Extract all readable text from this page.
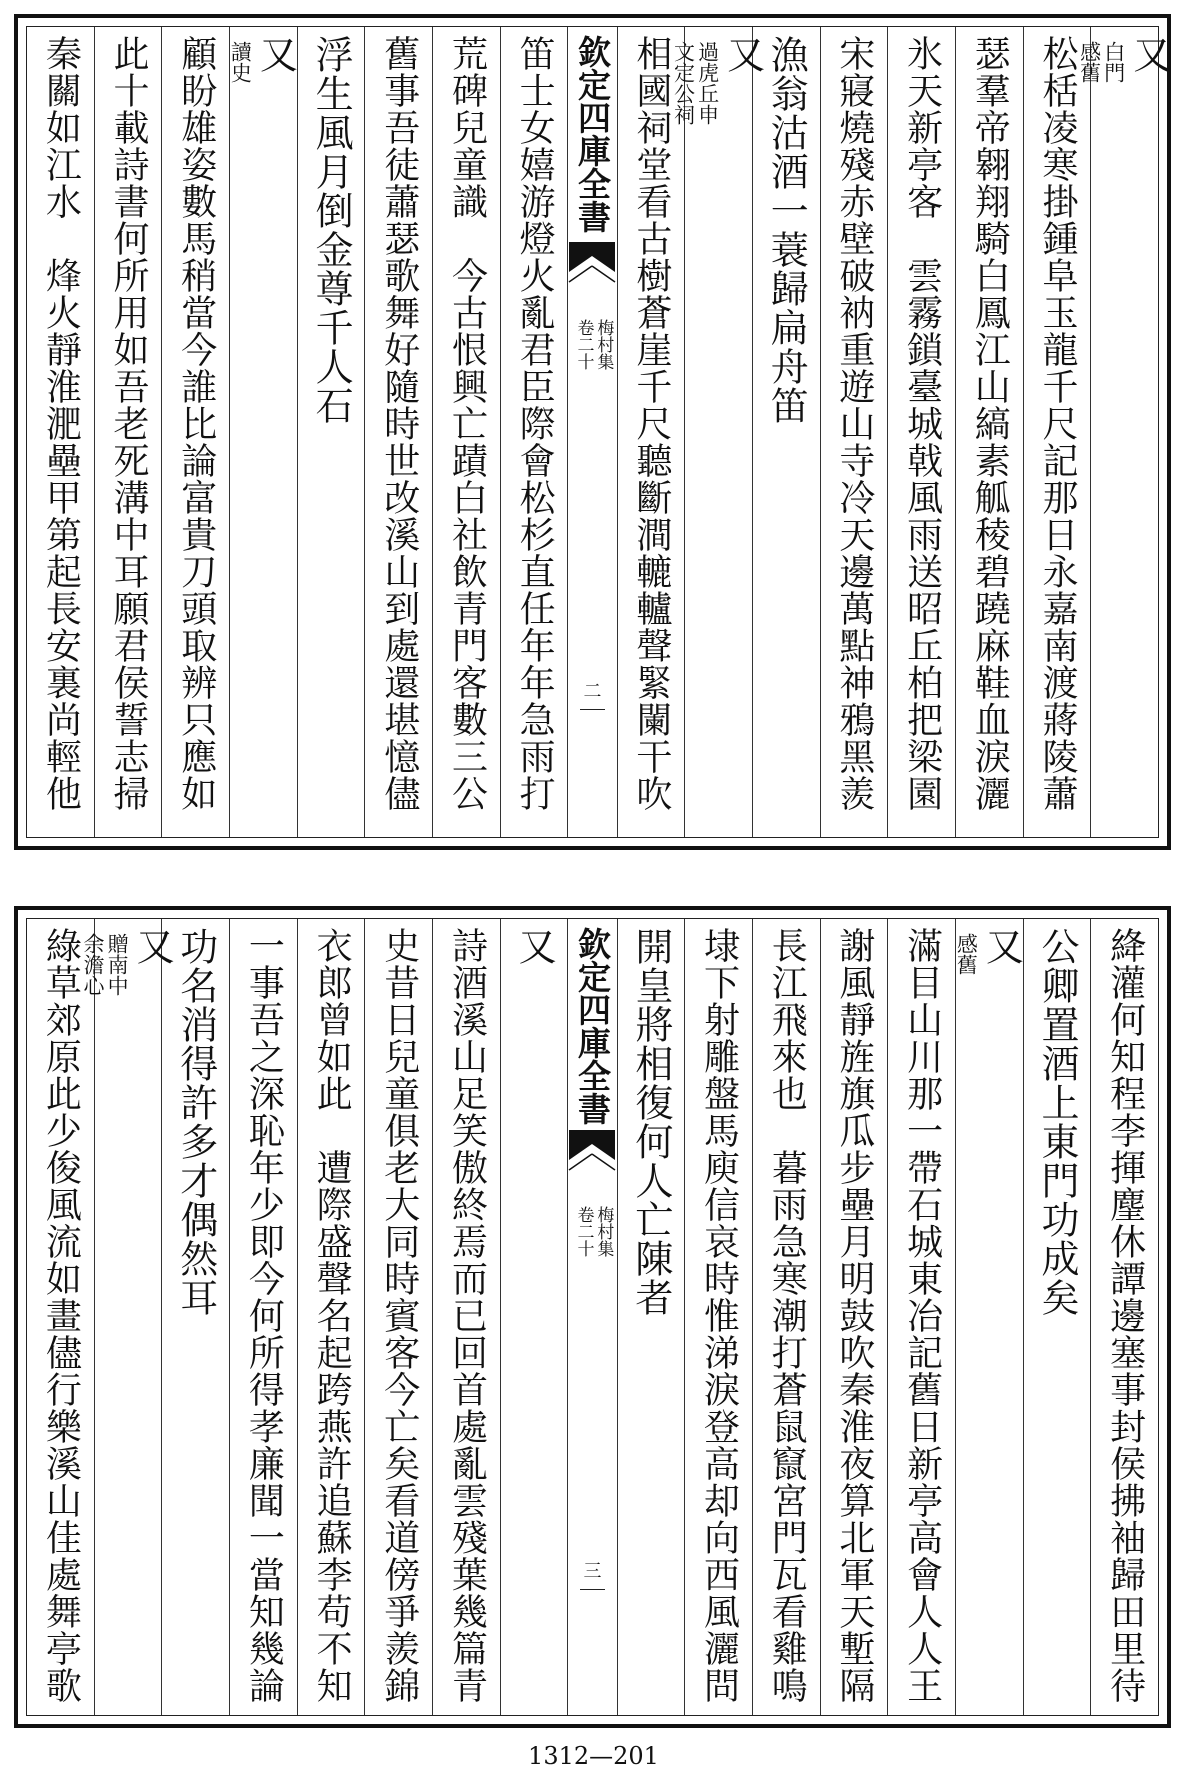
又
白門
感舊
松栝凌寒掛鍾阜玉龍千尺記那日永嘉南渡蔣陵蕭
瑟羣帝翱翔騎白鳳江山縞素觚稜碧蹺麻鞋血淚灑
氷天新亭客　雲霧鎖臺城戟風雨送昭丘柏把梁園
宋寢燒殘赤壁破衲重遊山寺冷天邊萬點神鴉黑羨
漁翁沽酒一蓑歸扁舟笛
又
過虎丘申
文定公祠
相國祠堂看古樹蒼崖千尺聽斷澗轆轤聲緊闌干吹
欽定四庫全書
梅村集
卷二十
二
笛士女嬉游燈火亂君臣際會松杉直任年年急雨打
荒碑兒童識　今古恨興亡蹟白社飲青門客數三公
舊事吾徒蕭瑟歌舞好隨時世改溪山到處還堪憶儘
浮生風月倒金尊千人石
又
讀史
顧盼雄姿數馬稍當今誰比論富貴刀頭取辨只應如
此十載詩書何所用如吾老死溝中耳願君侯誓志掃
秦關如江水　烽火靜淮淝壘甲第起長安裏尚輕他
絳灌何知程李揮麈休譚邊塞事封侯拂袖歸田里待
公卿置酒上東門功成矣
又
感舊
滿目山川那一帶石城東冶記舊日新亭高會人人王
謝風靜旌旗瓜步壘月明鼓吹秦淮夜算北軍天塹隔
長江飛來也　暮雨急寒潮打蒼鼠竄宮門瓦看雞鳴
埭下射雕盤馬庾信哀時惟涕淚登高却向西風灑問
開皇將相復何人亡陳者
欽定四庫全書
梅村集
卷二十
三
又
詩酒溪山足笑傲終焉而已回首處亂雲殘葉幾篇青
史昔日兒童俱老大同時賓客今亡矣看道傍爭羨錦
衣郎曾如此　遭際盛聲名起跨燕許追蘇李苟不知
一事吾之深恥年少即今何所得孝廉聞一當知幾論
功名消得許多才偶然耳
又
贈南中
余澹心
綠草郊原此少俊風流如畫儘行樂溪山佳處舞亭歌
1312—201
